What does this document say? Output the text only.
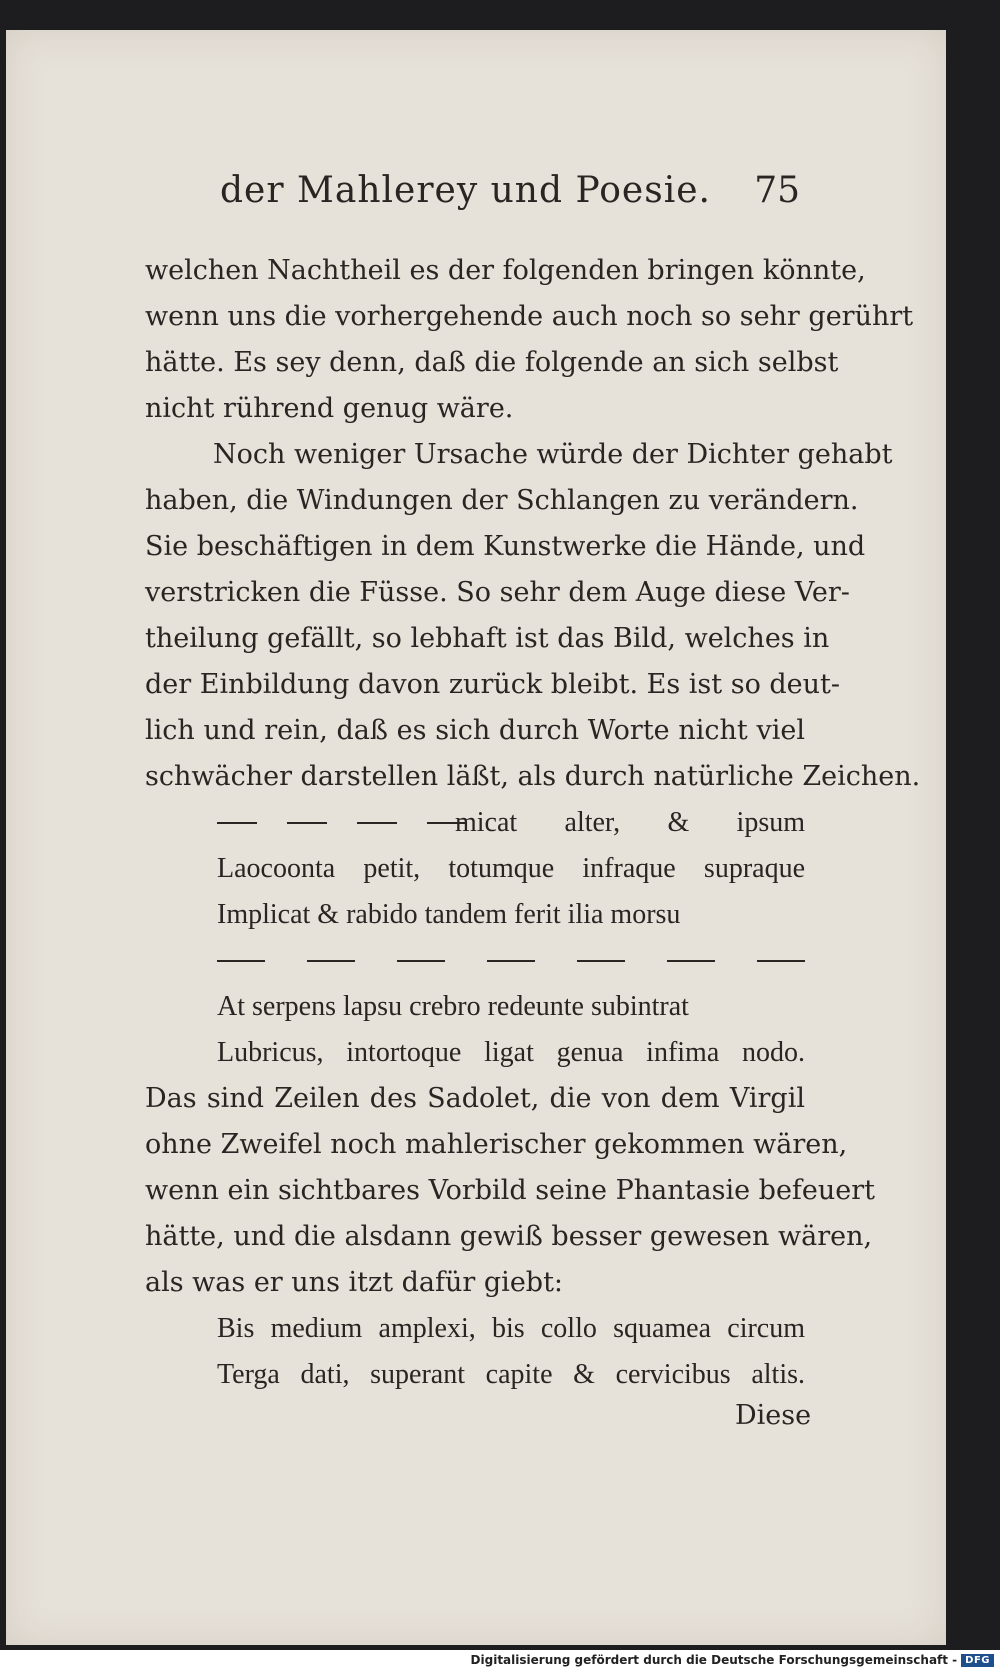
der Mahlerey und Poesie. 75
welchen Nachtheil es der folgenden bringen könnte,
wenn uns die vorhergehende auch noch so sehr gerührt
hätte. Es sey denn, daß die folgende an sich selbst
nicht rührend genug wäre.
Noch weniger Ursache würde der Dichter gehabt
haben, die Windungen der Schlangen zu verändern.
Sie beschäftigen in dem Kunstwerke die Hände, und
verstricken die Füsse. So sehr dem Auge diese Ver-
theilung gefällt, so lebhaft ist das Bild, welches in
der Einbildung davon zurück bleibt. Es ist so deut-
lich und rein, daß es sich durch Worte nicht viel
schwächer darstellen läßt, als durch natürliche Zeichen.
micat alter, & ipsum
Laocoonta petit, totumque infraque supraque
Implicat & rabido tandem ferit ilia morsu
At serpens lapsu crebro redeunte subintrat
Lubricus, intortoque ligat genua infima nodo.
Das sind Zeilen des Sadolet, die von dem Virgil
ohne Zweifel noch mahlerischer gekommen wären,
wenn ein sichtbares Vorbild seine Phantasie befeuert
hätte, und die alsdann gewiß besser gewesen wären,
als was er uns itzt dafür giebt:
Bis medium amplexi, bis collo squamea circum
Terga dati, superant capite & cervicibus altis.
Diese
Digitalisierung gefördert durch die Deutsche Forschungsgemeinschaft - DFG
